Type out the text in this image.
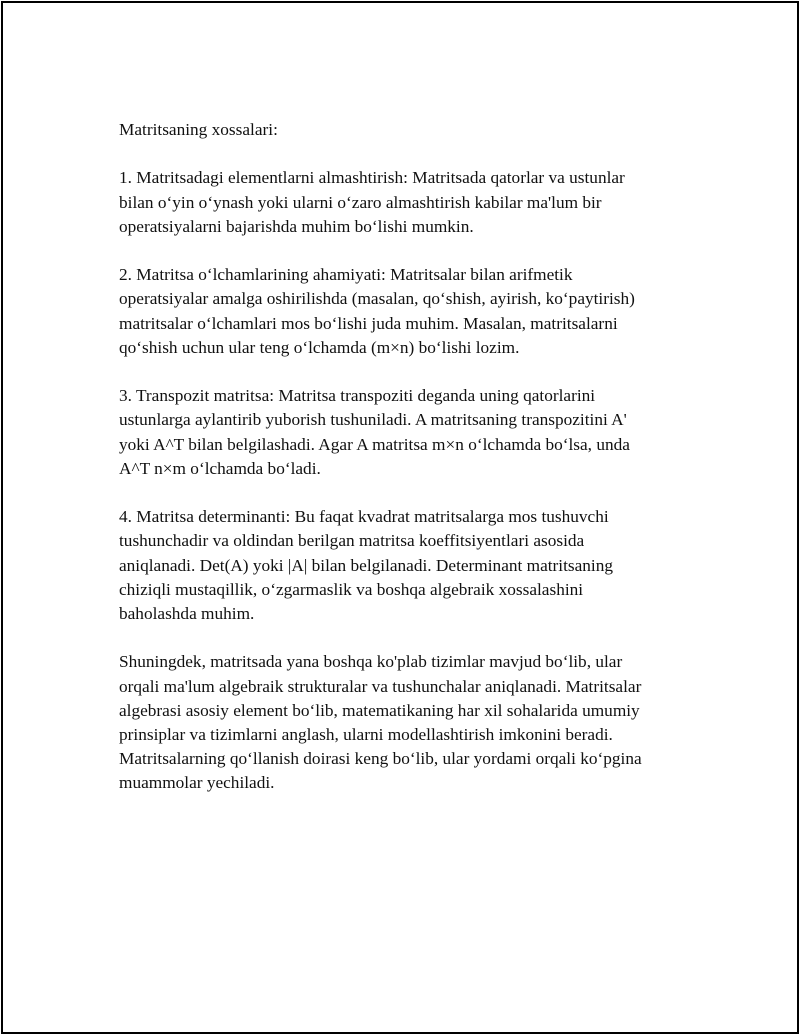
Matritsaning xossalari:

1. Matritsadagi elementlarni almashtirish: Matritsada qatorlar va ustunlar
bilan o‘yin o‘ynash yoki ularni o‘zaro almashtirish kabilar ma'lum bir
operatsiyalarni bajarishda muhim bo‘lishi mumkin.

2. Matritsa o‘lchamlarining ahamiyati: Matritsalar bilan arifmetik
operatsiyalar amalga oshirilishda (masalan, qo‘shish, ayirish, ko‘paytirish)
matritsalar o‘lchamlari mos bo‘lishi juda muhim. Masalan, matritsalarni
qo‘shish uchun ular teng o‘lchamda (m×n) bo‘lishi lozim.

3. Transpozit matritsa: Matritsa transpoziti deganda uning qatorlarini
ustunlarga aylantirib yuborish tushuniladi. A matritsaning transpozitini A'
yoki A^T bilan belgilashadi. Agar A matritsa m×n o‘lchamda bo‘lsa, unda
A^T n×m o‘lchamda bo‘ladi.

4. Matritsa determinanti: Bu faqat kvadrat matritsalarga mos tushuvchi
tushunchadir va oldindan berilgan matritsa koeffitsiyentlari asosida
aniqlanadi. Det(A) yoki |A| bilan belgilanadi. Determinant matritsaning
chiziqli mustaqillik, o‘zgarmaslik va boshqa algebraik xossalashini
baholashda muhim.

Shuningdek, matritsada yana boshqa ko'plab tizimlar mavjud bo‘lib, ular
orqali ma'lum algebraik strukturalar va tushunchalar aniqlanadi. Matritsalar
algebrasi asosiy element bo‘lib, matematikaning har xil sohalarida umumiy
prinsiplar va tizimlarni anglash, ularni modellashtirish imkonini beradi.
Matritsalarning qo‘llanish doirasi keng bo‘lib, ular yordami orqali ko‘pgina
muammolar yechiladi.
